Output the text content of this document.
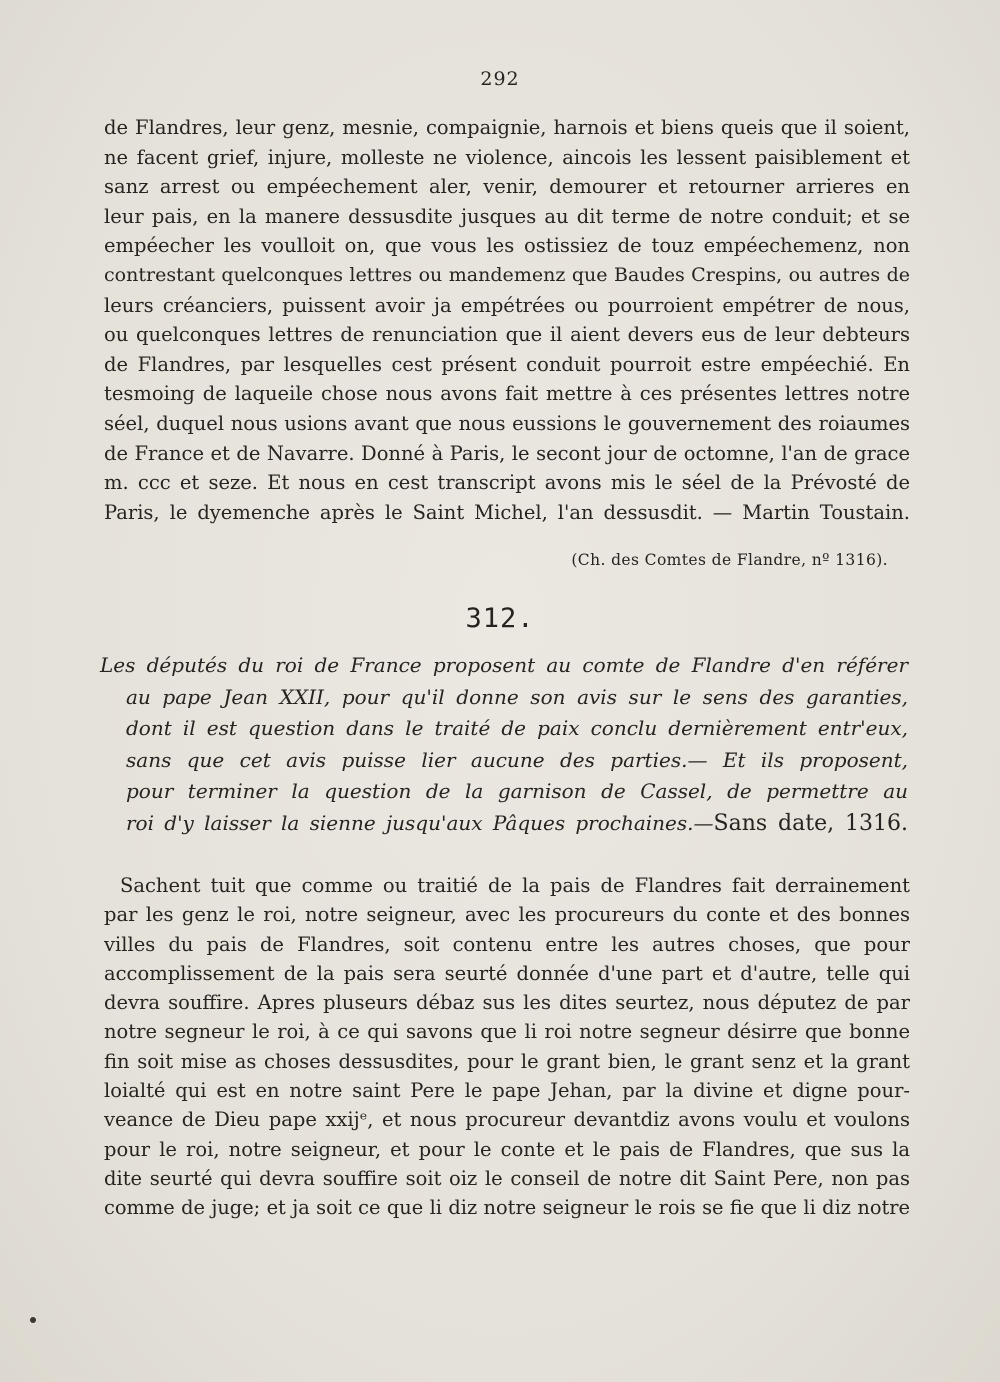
292
de Flandres, leur genz, mesnie, compaignie, harnois et biens queis que il soient,
ne facent grief, injure, molleste ne violence, aincois les lessent paisiblement et
sanz arrest ou empéechement aler, venir, demourer et retourner arrieres en
leur pais, en la manere dessusdite jusques au dit terme de notre conduit; et se
empéecher les voulloit on, que vous les ostissiez de touz empéechemenz, non
contrestant quelconques lettres ou mandemenz que Baudes Crespins, ou autres de
leurs créanciers, puissent avoir ja empétrées ou pourroient empétrer de nous,
ou quelconques lettres de renunciation que il aient devers eus de leur debteurs
de Flandres, par lesquelles cest présent conduit pourroit estre empéechié. En
tesmoing de laqueile chose nous avons fait mettre à ces présentes lettres notre
séel, duquel nous usions avant que nous eussions le gouvernement des roiaumes
de France et de Navarre. Donné à Paris, le secont jour de octomne, l'an de grace
m. ccc et seze. Et nous en cest transcript avons mis le séel de la Prévosté de
Paris, le dyemenche après le Saint Michel, l'an dessusdit. — Martin Toustain.
(Ch. des Comtes de Flandre, nº 1316).
312.
Les députés du roi de France proposent au comte de Flandre d'en référer
au pape Jean XXII, pour qu'il donne son avis sur le sens des garanties,
dont il est question dans le traité de paix conclu dernièrement entr'eux,
sans que cet avis puisse lier aucune des parties.— Et ils proposent,
pour terminer la question de la garnison de Cassel, de permettre au
roi d'y laisser la sienne jusqu'aux Pâques prochaines.—Sans date, 1316.
Sachent tuit que comme ou traitié de la pais de Flandres fait derrainement
par les genz le roi, notre seigneur, avec les procureurs du conte et des bonnes
villes du pais de Flandres, soit contenu entre les autres choses, que pour
accomplissement de la pais sera seurté donnée d'une part et d'autre, telle qui
devra souffire. Apres pluseurs débaz sus les dites seurtez, nous députez de par
notre segneur le roi, à ce qui savons que li roi notre segneur désirre que bonne
fin soit mise as choses dessusdites, pour le grant bien, le grant senz et la grant
loialté qui est en notre saint Pere le pape Jehan, par la divine et digne pour-
veance de Dieu pape xxijᵉ, et nous procureur devantdiz avons voulu et voulons
pour le roi, notre seigneur, et pour le conte et le pais de Flandres, que sus la
dite seurté qui devra souffire soit oiz le conseil de notre dit Saint Pere, non pas
comme de juge; et ja soit ce que li diz notre seigneur le rois se fie que li diz notre
